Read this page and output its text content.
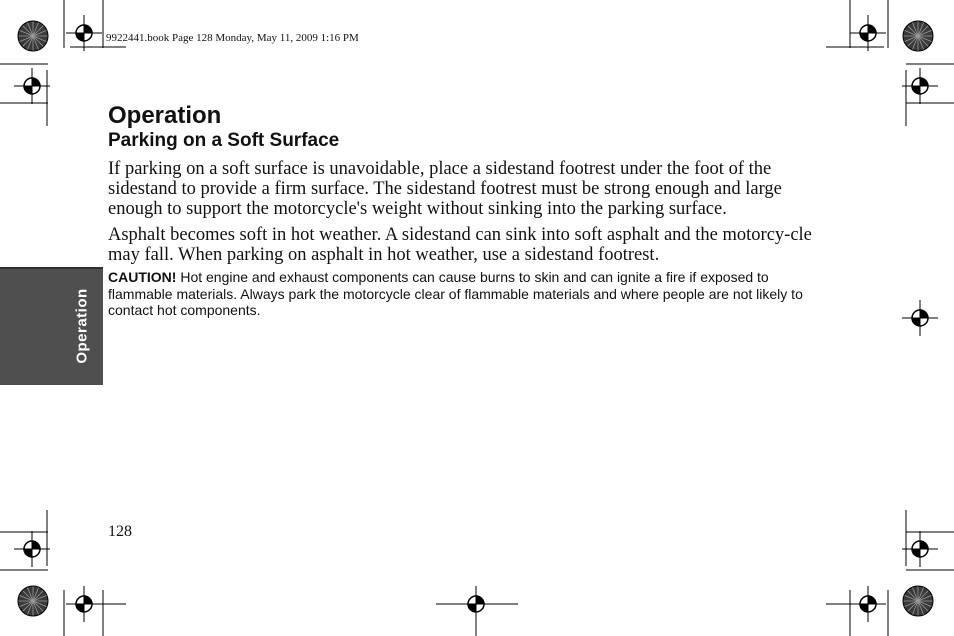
9922441.book Page 128 Monday, May 11, 2009 1:16 PM
Operation
Operation
Parking on a Soft Surface

If parking on a soft surface is unavoidable, place a sidestand footrest under the foot of the sidestand to provide a firm surface. The sidestand footrest must be strong enough and large enough to support the motorcycle's weight without sinking into the parking surface.

Asphalt becomes soft in hot weather. A sidestand can sink into soft asphalt and the motorcy-cle may fall. When parking on asphalt in hot weather, use a sidestand footrest.

CAUTION! Hot engine and exhaust components can cause burns to skin and can ignite a fire if exposed to flammable materials. Always park the motorcycle clear of flammable materials and where people are not likely to contact hot components.

128
